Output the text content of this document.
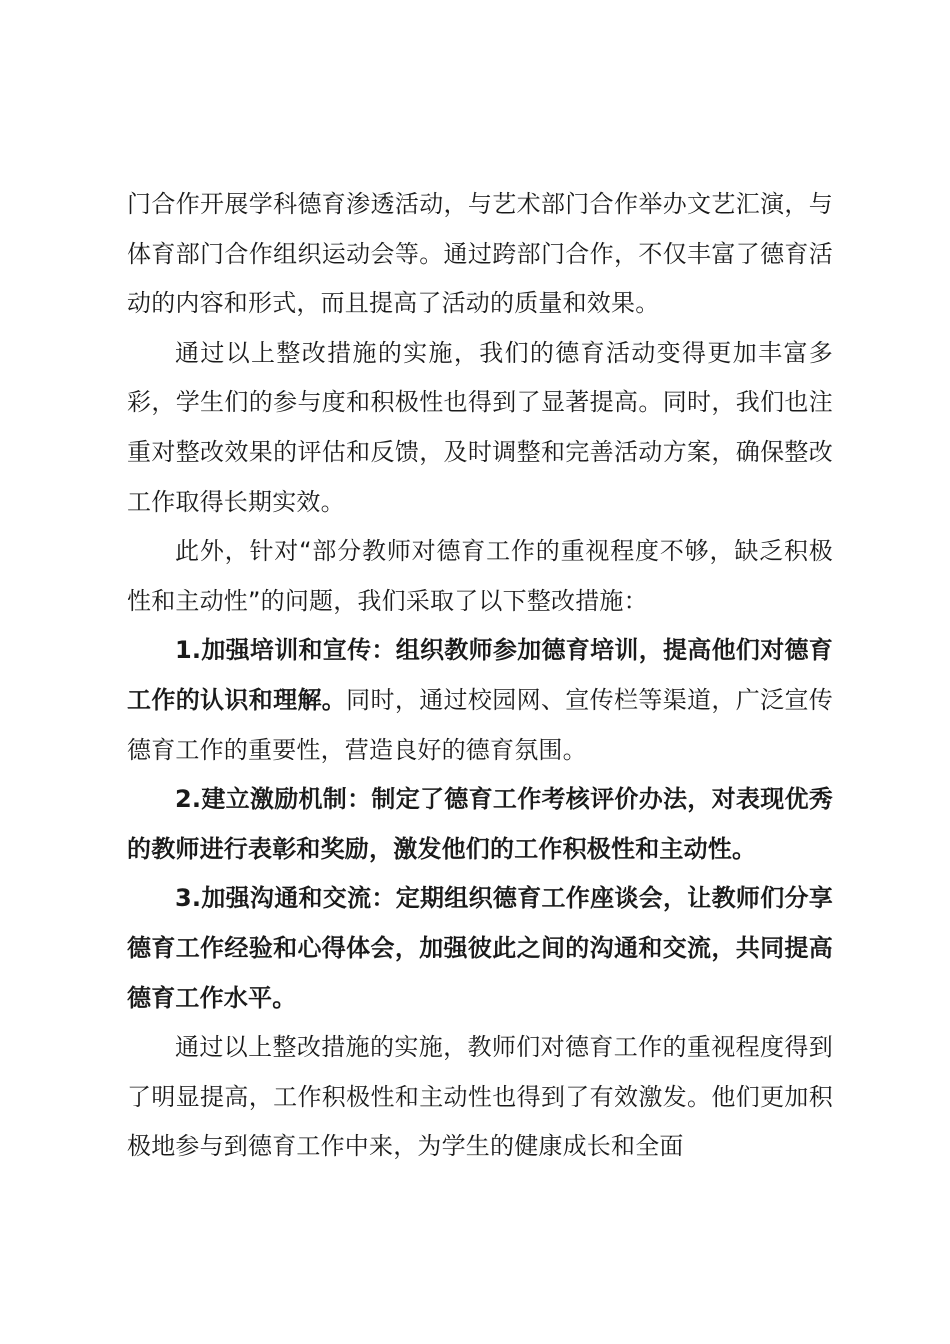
门合作开展学科德育渗透活动，与艺术部门合作举办文艺汇演，与体育部门合作组织运动会等。通过跨部门合作，不仅丰富了德育活动的内容和形式，而且提高了活动的质量和效果。

通过以上整改措施的实施，我们的德育活动变得更加丰富多彩，学生们的参与度和积极性也得到了显著提高。同时，我们也注重对整改效果的评估和反馈，及时调整和完善活动方案，确保整改工作取得长期实效。

此外，针对“部分教师对德育工作的重视程度不够，缺乏积极性和主动性”的问题，我们采取了以下整改措施：

1.加强培训和宣传：组织教师参加德育培训，提高他们对德育工作的认识和理解。同时，通过校园网、宣传栏等渠道，广泛宣传德育工作的重要性，营造良好的德育氛围。

2.建立激励机制：制定了德育工作考核评价办法，对表现优秀的教师进行表彰和奖励，激发他们的工作积极性和主动性。

3.加强沟通和交流：定期组织德育工作座谈会，让教师们分享德育工作经验和心得体会，加强彼此之间的沟通和交流，共同提高德育工作水平。

通过以上整改措施的实施，教师们对德育工作的重视程度得到了明显提高，工作积极性和主动性也得到了有效激发。他们更加积极地参与到德育工作中来，为学生的健康成长和全面
